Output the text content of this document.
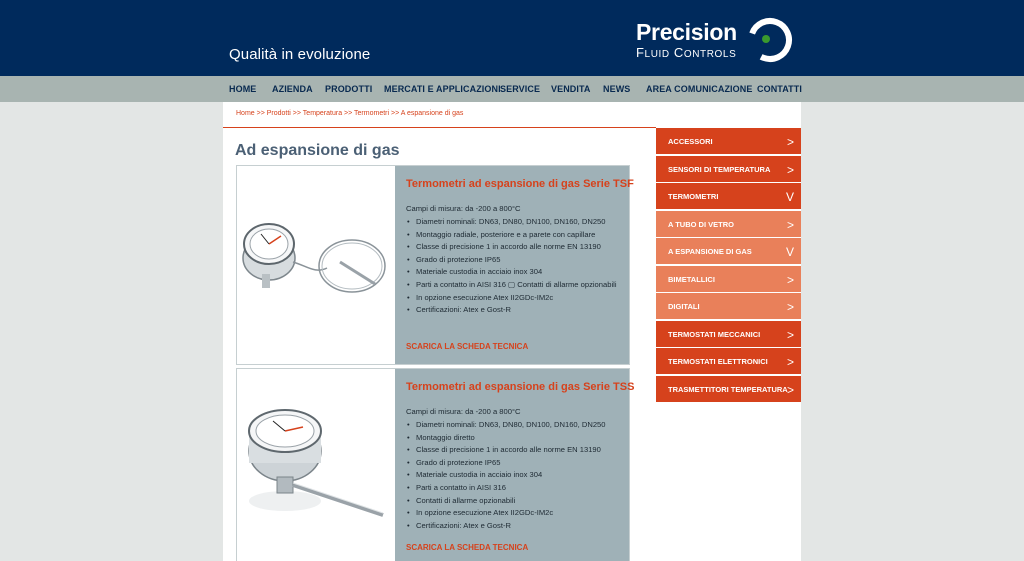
Qualità in evoluzione
Precision
FLUID CONTROLS
HOME AZIENDA PRODOTTI MERCATI E APPLICAZIONI SERVICE VENDITA NEWS AREA COMUNICAZIONE CONTATTI
Home >> Prodotti >> Temperatura >> Termometri >> A espansione di gas
Ad espansione di gas
Termometri ad espansione di gas Serie TSF
Campi di misura: da -200 a 800°C
• Diametri nominali: DN63, DN80, DN100, DN160, DN250
• Montaggio radiale, posteriore e a parete con capillare
• Classe di precisione 1 in accordo alle norme EN 13190
• Grado di protezione IP65
• Materiale custodia in acciaio inox 304
• Parti a contatto in AISI 316 ▢ Contatti di allarme opzionabili
• In opzione esecuzione Atex II2GDc-IM2c
• Certificazioni: Atex e Gost-R
SCARICA LA SCHEDA TECNICA
Termometri ad espansione di gas Serie TSS
Campi di misura: da -200 a 800°C
• Diametri nominali: DN63, DN80, DN100, DN160, DN250
• Montaggio diretto
• Classe di precisione 1 in accordo alle norme EN 13190
• Grado di protezione IP65
• Materiale custodia in acciaio inox 304
• Parti a contatto in AISI 316
• Contatti di allarme opzionabili
• In opzione esecuzione Atex II2GDc-IM2c
• Certificazioni: Atex e Gost-R
SCARICA LA SCHEDA TECNICA
ACCESSORI	>
SENSORI DI TEMPERATURA >
TERMOMETRI	V
A TUBO DI VETRO	>
A ESPANSIONE DI GAS	V
BIMETALLICI	>
DIGITALI	>
TERMOSTATI MECCANICI >
TERMOSTATI ELETTRONICI >
TRASMETTITORI TEMPERATURA >
